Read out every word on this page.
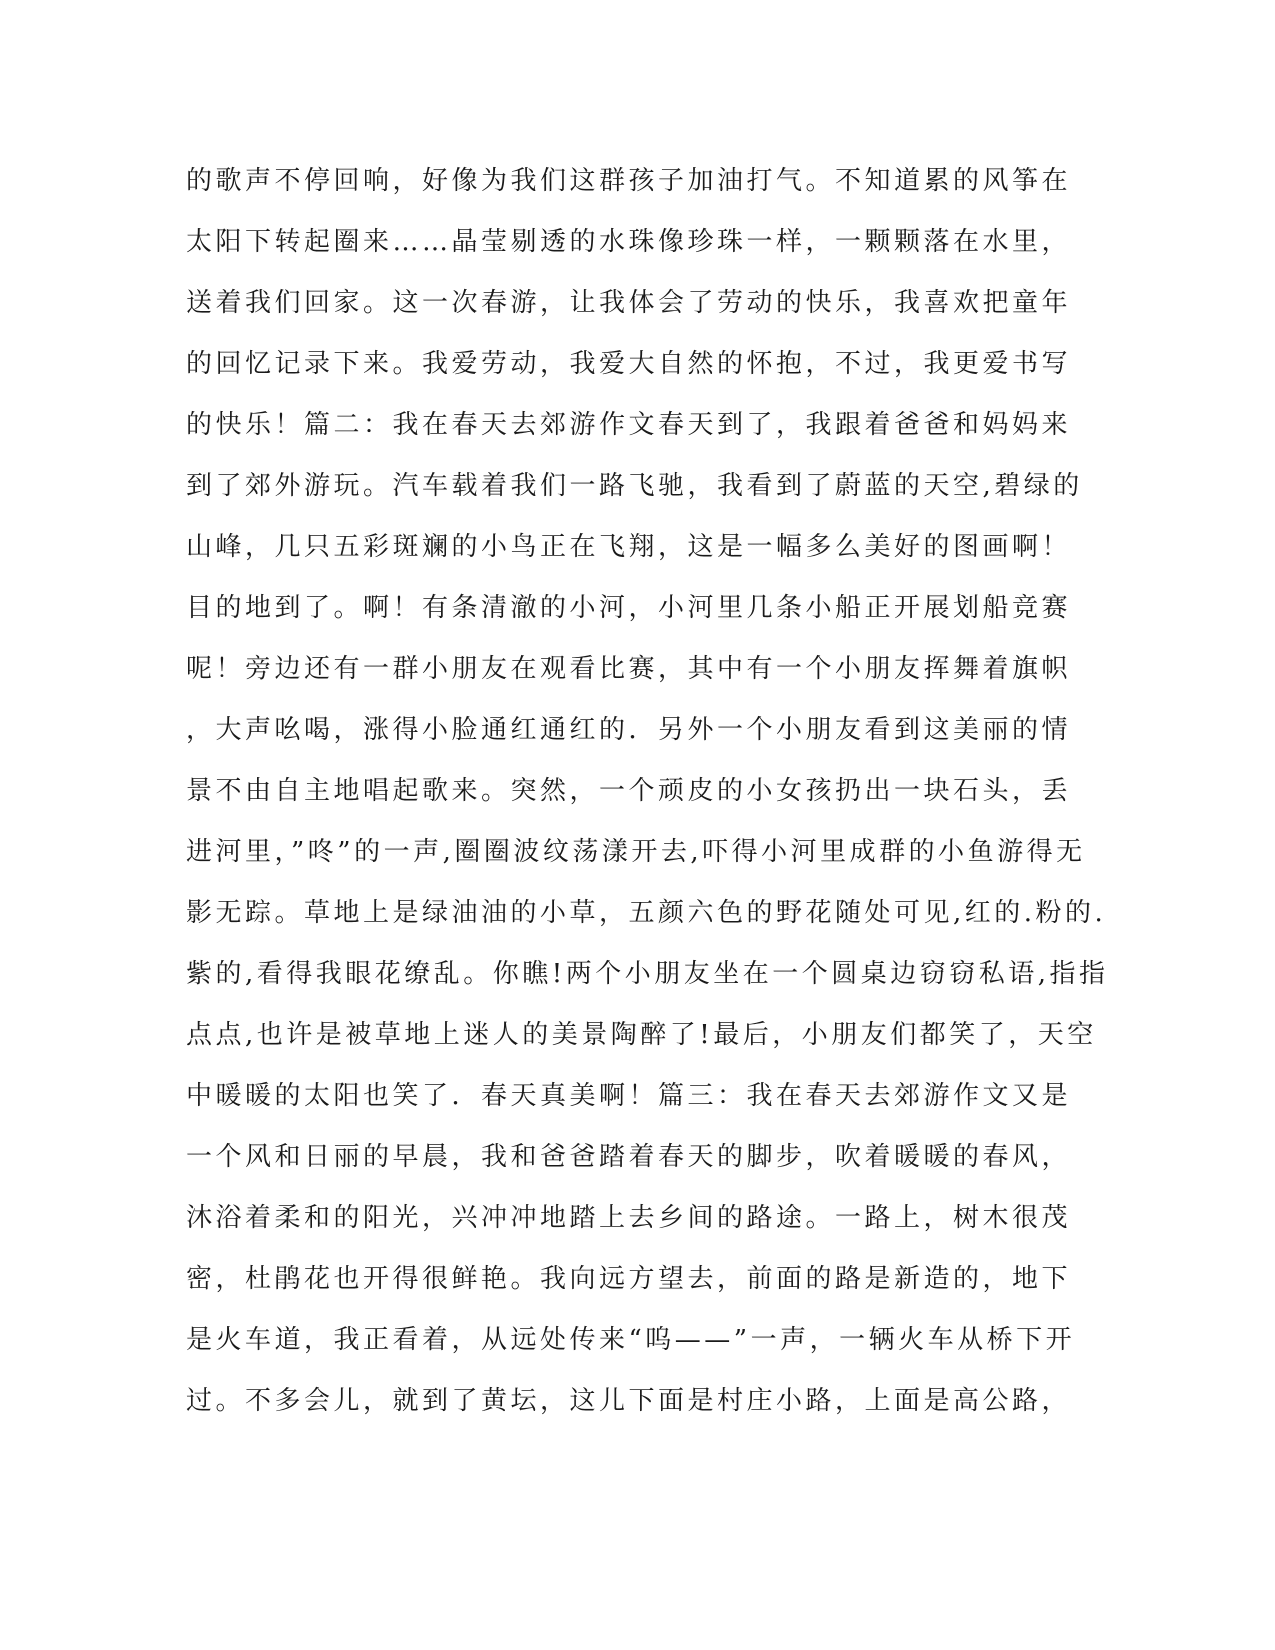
的歌声不停回响，好像为我们这群孩子加油打气。不知道累的风筝在
太阳下转起圈来……晶莹剔透的水珠像珍珠一样，一颗颗落在水里，
送着我们回家。这一次春游，让我体会了劳动的快乐，我喜欢把童年
的回忆记录下来。我爱劳动，我爱大自然的怀抱，不过，我更爱书写
的快乐！篇二：我在春天去郊游作文春天到了，我跟着爸爸和妈妈来
到了郊外游玩。汽车载着我们一路飞驰，我看到了蔚蓝的天空,碧绿的
山峰，几只五彩斑斓的小鸟正在飞翔，这是一幅多么美好的图画啊！
目的地到了。啊！有条清澈的小河，小河里几条小船正开展划船竞赛
呢！旁边还有一群小朋友在观看比赛，其中有一个小朋友挥舞着旗帜
，大声吆喝，涨得小脸通红通红的．另外一个小朋友看到这美丽的情
景不由自主地唱起歌来。突然，一个顽皮的小女孩扔出一块石头，丢
进河里，”咚”的一声,圈圈波纹荡漾开去,吓得小河里成群的小鱼游得无
影无踪。草地上是绿油油的小草，五颜六色的野花随处可见,红的.粉的.
紫的,看得我眼花缭乱。你瞧!两个小朋友坐在一个圆桌边窃窃私语,指指
点点,也许是被草地上迷人的美景陶醉了!最后，小朋友们都笑了，天空
中暖暖的太阳也笑了．春天真美啊！篇三：我在春天去郊游作文又是
一个风和日丽的早晨，我和爸爸踏着春天的脚步，吹着暖暖的春风，
沐浴着柔和的阳光，兴冲冲地踏上去乡间的路途。一路上，树木很茂
密，杜鹃花也开得很鲜艳。我向远方望去，前面的路是新造的，地下
是火车道，我正看着，从远处传来“呜——”一声，一辆火车从桥下开
过。不多会儿，就到了黄坛，这儿下面是村庄小路，上面是高公路，
